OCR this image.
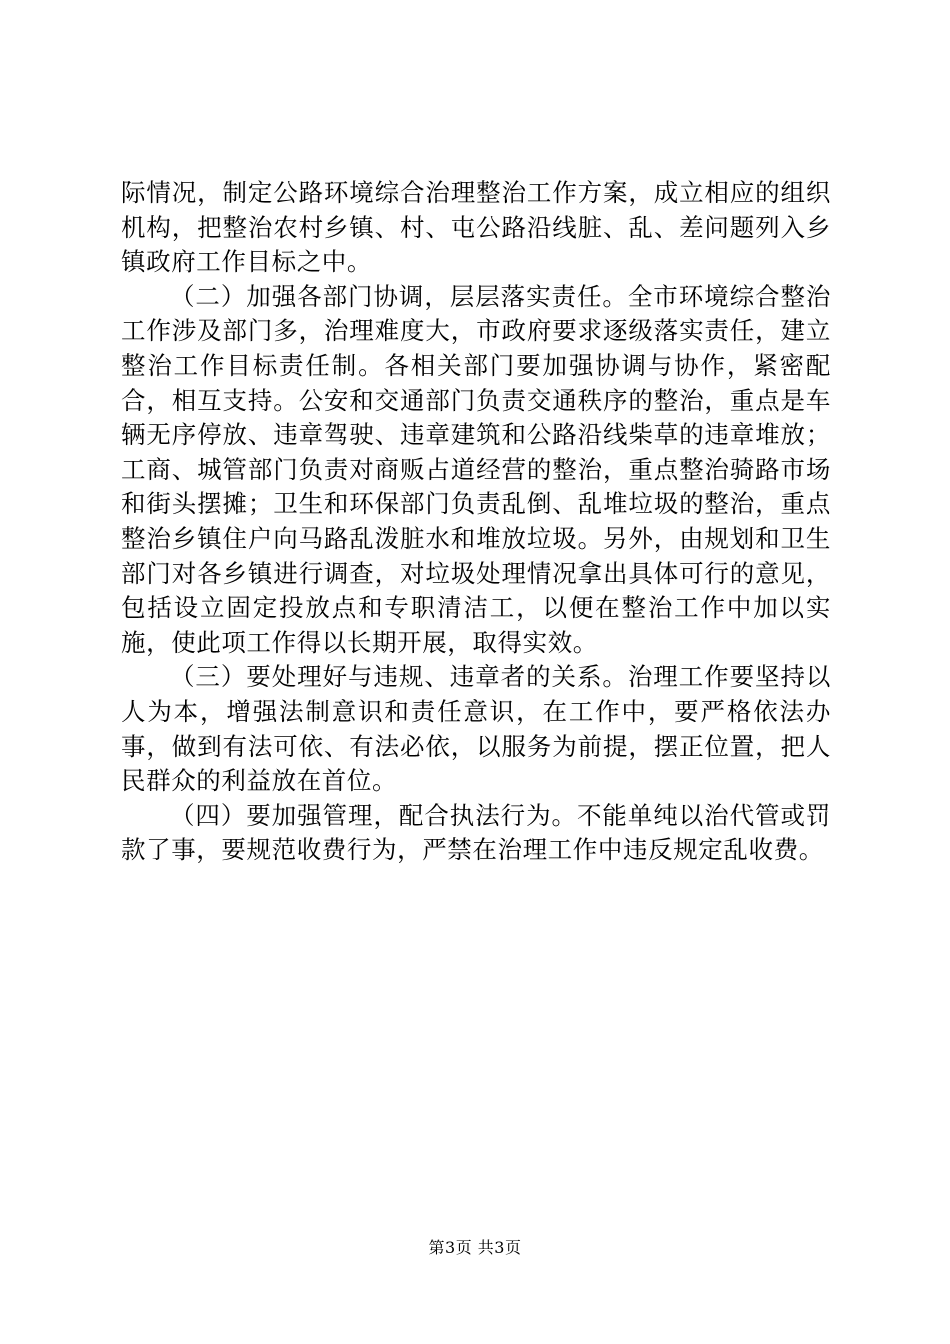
际情况，制定公路环境综合治理整治工作方案，成立相应的组织机构，把整治农村乡镇、村、屯公路沿线脏、乱、差问题列入乡镇政府工作目标之中。

（二）加强各部门协调，层层落实责任。全市环境综合整治工作涉及部门多，治理难度大，市政府要求逐级落实责任，建立整治工作目标责任制。各相关部门要加强协调与协作，紧密配合，相互支持。公安和交通部门负责交通秩序的整治，重点是车辆无序停放、违章驾驶、违章建筑和公路沿线柴草的违章堆放；工商、城管部门负责对商贩占道经营的整治，重点整治骑路市场和街头摆摊；卫生和环保部门负责乱倒、乱堆垃圾的整治，重点整治乡镇住户向马路乱泼脏水和堆放垃圾。另外，由规划和卫生部门对各乡镇进行调查，对垃圾处理情况拿出具体可行的意见，包括设立固定投放点和专职清洁工，以便在整治工作中加以实施，使此项工作得以长期开展，取得实效。

（三）要处理好与违规、违章者的关系。治理工作要坚持以人为本，增强法制意识和责任意识，在工作中，要严格依法办事，做到有法可依、有法必依，以服务为前提，摆正位置，把人民群众的利益放在首位。

（四）要加强管理，配合执法行为。不能单纯以治代管或罚款了事，要规范收费行为，严禁在治理工作中违反规定乱收费。

第3页 共3页
